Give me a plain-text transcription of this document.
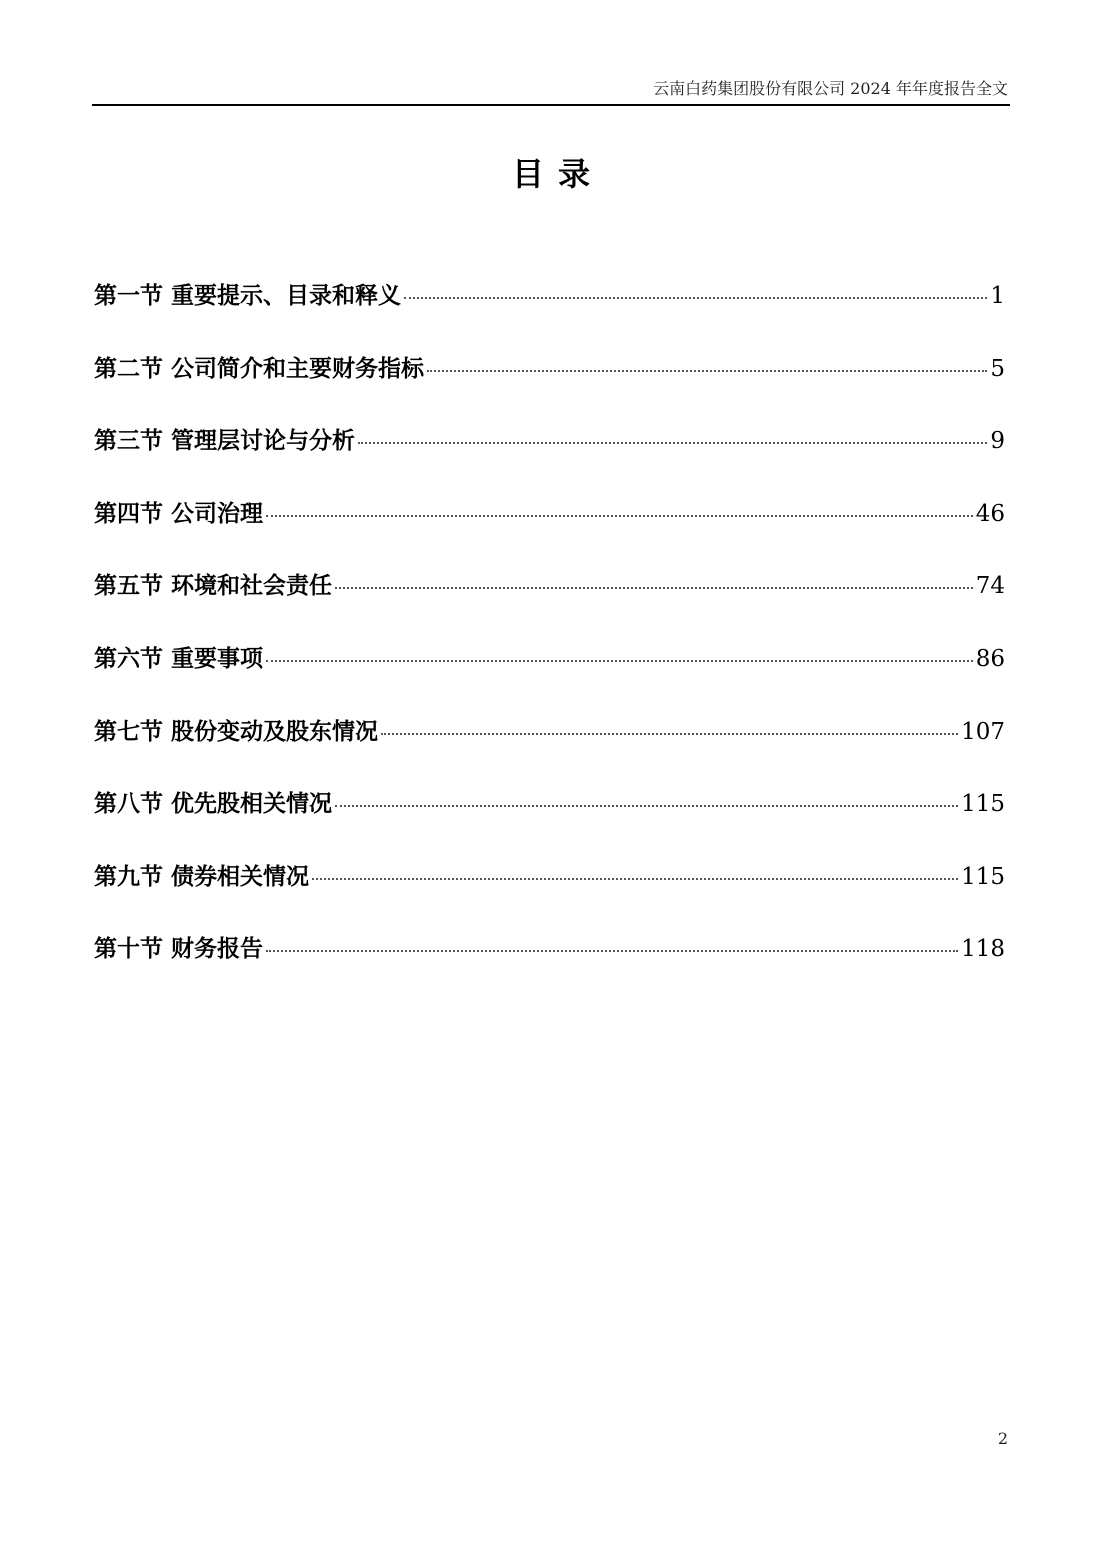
云南白药集团股份有限公司 2024 年年度报告全文
目录
第一节 重要提示、目录和释义	1
第二节 公司简介和主要财务指标	5
第三节 管理层讨论与分析	9
第四节 公司治理	46
第五节 环境和社会责任	74
第六节 重要事项	86
第七节 股份变动及股东情况	107
第八节 优先股相关情况	115
第九节 债券相关情况	115
第十节 财务报告	118
2
